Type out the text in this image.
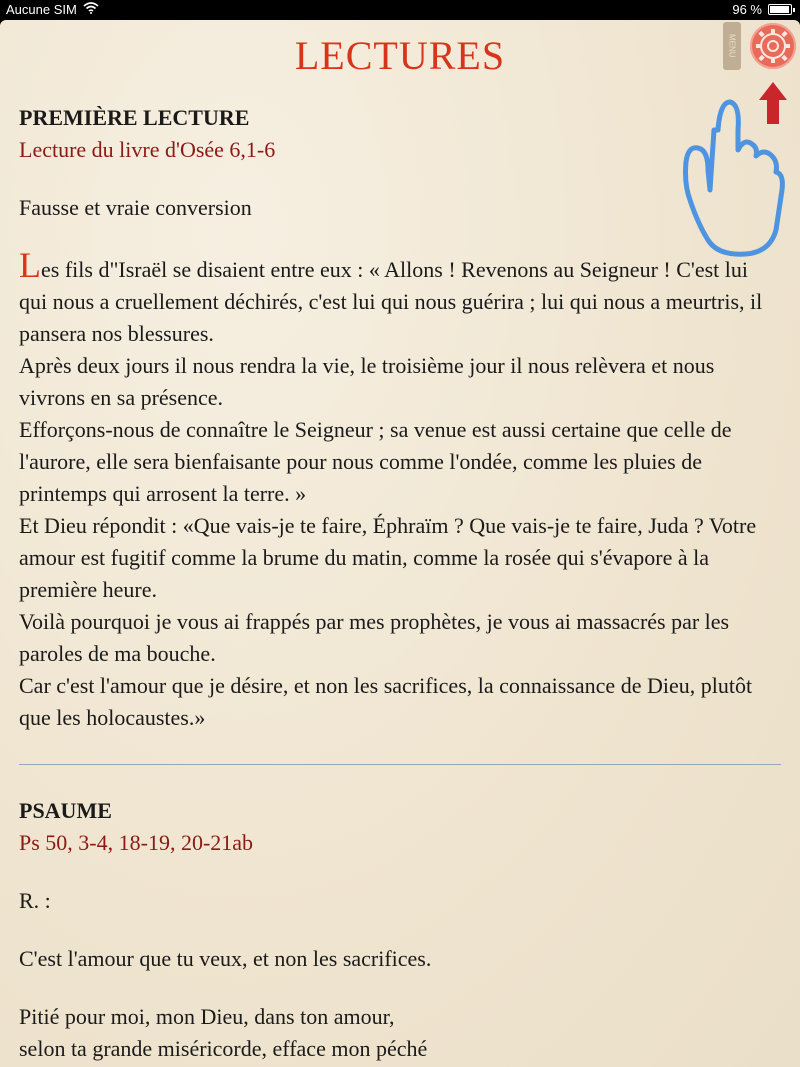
Aucune SIM	96 %
LECTURES	MENU
PREMIÈRE LECTURE
Lecture du livre d'Osée 6,1-6
Fausse et vraie conversion

Les fils d"Israël se disaient entre eux : « Allons ! Revenons au Seigneur ! C'est lui qui nous a cruellement déchirés, c'est lui qui nous guérira ; lui qui nous a meurtris, il pansera nos blessures.

Après deux jours il nous rendra la vie, le troisième jour il nous relèvera et nous vivrons en sa présence.

Efforçons-nous de connaître le Seigneur ; sa venue est aussi certaine que celle de l'aurore, elle sera bienfaisante pour nous comme l'ondée, comme les pluies de printemps qui arrosent la terre. »

Et Dieu répondit : «Que vais-je te faire, Éphraïm ? Que vais-je te faire, Juda ? Votre amour est fugitif comme la brume du matin, comme la rosée qui s'évapore à la première heure.

Voilà pourquoi je vous ai frappés par mes prophètes, je vous ai massacrés par les paroles de ma bouche.

Car c'est l'amour que je désire, et non les sacrifices, la connaissance de Dieu, plutôt que les holocaustes.»

PSAUME
Ps 50, 3-4, 18-19, 20-21ab
R. :
C'est l'amour que tu veux, et non les sacrifices.
Pitié pour moi, mon Dieu, dans ton amour,
selon ta grande miséricorde, efface mon péché
